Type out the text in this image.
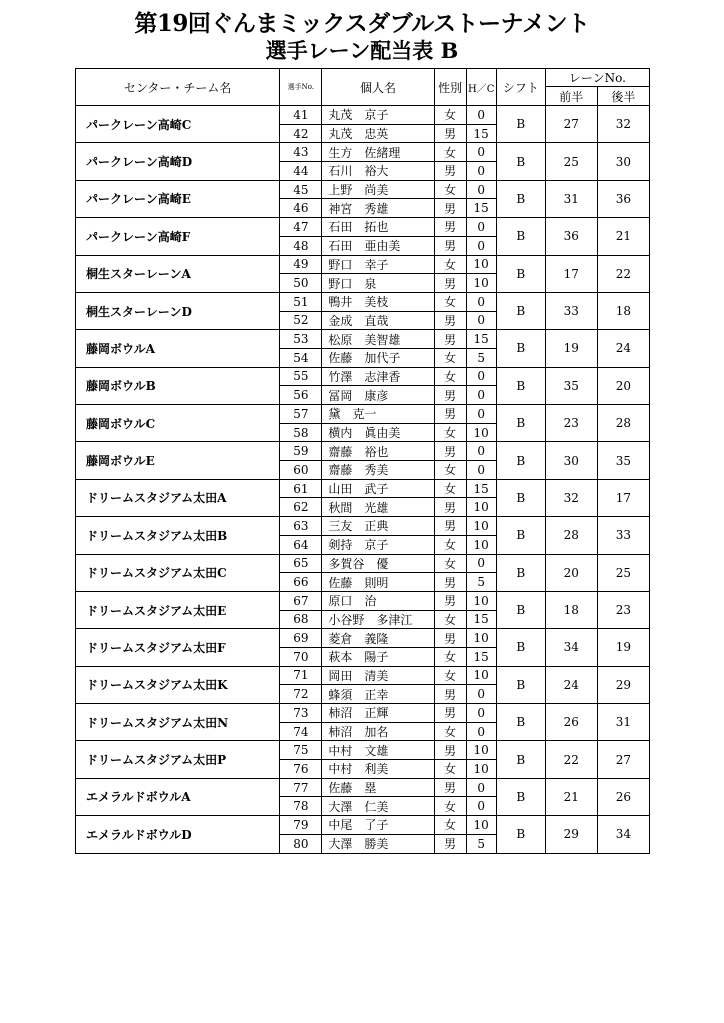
第19回ぐんまミックスダブルストーナメント
選手レーン配当表 B
センター・チーム名	選手No.	個人名	性別	H／C	シフト	レーンNo.	
						前半	後半
パークレーン高崎C	41	丸茂　京子	女	0	B	27	32
	42	丸茂　忠英	男	15			
パークレーン高崎D	43	生方　佐緒理	女	0	B	25	30
	44	石川　裕大	男	0			
パークレーン高崎E	45	上野　尚美	女	0	B	31	36
	46	神宮　秀雄	男	15			
パークレーン高崎F	47	石田　拓也	男	0	B	36	21
	48	石田　亜由美	男	0			
桐生スターレーンA	49	野口　幸子	女	10	B	17	22
	50	野口　泉	男	10			
桐生スターレーンD	51	鴨井　美枝	女	0	B	33	18
	52	金成　直哉	男	0			
藤岡ボウルA	53	松原　美智雄	男	15	B	19	24
	54	佐藤　加代子	女	5			
藤岡ボウルB	55	竹澤　志津香	女	0	B	35	20
	56	冨岡　康彦	男	0			
藤岡ボウルC	57	黛　克一	男	0	B	23	28
	58	横内　眞由美	女	10			
藤岡ボウルE	59	齋藤　裕也	男	0	B	30	35
	60	齋藤　秀美	女	0			
ドリームスタジアム太田A	61	山田　武子	女	15	B	32	17
	62	秋間　光雄	男	10			
ドリームスタジアム太田B	63	三友　正典	男	10	B	28	33
	64	剣持　京子	女	10			
ドリームスタジアム太田C	65	多賀谷　優	女	0	B	20	25
	66	佐藤　則明	男	5			
ドリームスタジアム太田E	67	原口　治	男	10	B	18	23
	68	小谷野　多津江	女	15			
ドリームスタジアム太田F	69	菱倉　義隆	男	10	B	34	19
	70	萩本　陽子	女	15			
ドリームスタジアム太田K	71	岡田　清美	女	10	B	24	29
	72	蜂須　正幸	男	0			
ドリームスタジアム太田N	73	柿沼　正輝	男	0	B	26	31
	74	柿沼　加名	女	0			
ドリームスタジアム太田P	75	中村　文雄	男	10	B	22	27
	76	中村　利美	女	10			
エメラルドボウルA	77	佐藤　塁	男	0	B	21	26
	78	大澤　仁美	女	0			
エメラルドボウルD	79	中尾　了子	女	10	B	29	34
	80	大澤　勝美	男	5			
